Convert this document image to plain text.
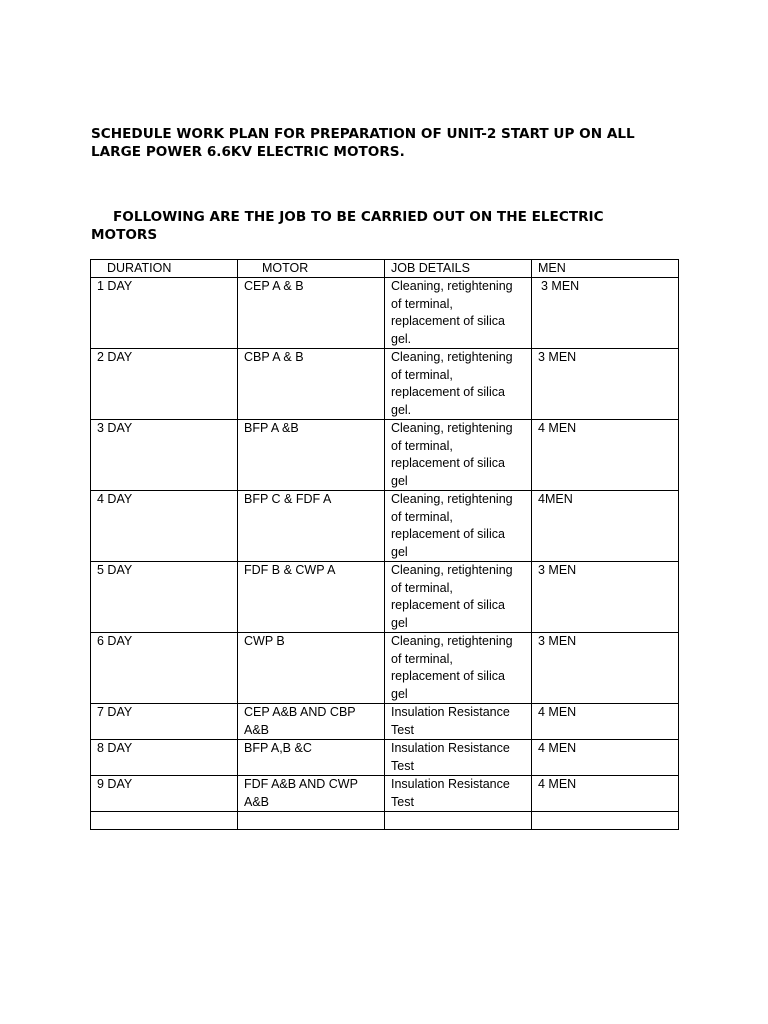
SCHEDULE WORK PLAN FOR PREPARATION OF UNIT-2 START UP ON ALL
LARGE POWER 6.6KV ELECTRIC MOTORS.
FOLLOWING ARE THE JOB TO BE CARRIED OUT ON THE ELECTRIC MOTORS
DURATION	MOTOR	JOB DETAILS	MEN
1 DAY	CEP A & B	Cleaning, retightening of terminal, replacement of silica gel.	3 MEN
2 DAY	CBP A & B	Cleaning, retightening of terminal, replacement of silica gel.	3 MEN
3 DAY	BFP A &B	Cleaning, retightening of terminal, replacement of silica gel	4 MEN
4 DAY	BFP C & FDF A	Cleaning, retightening of terminal, replacement of silica gel	4MEN
5 DAY	FDF B & CWP A	Cleaning, retightening of terminal, replacement of silica gel	3 MEN
6 DAY	CWP B	Cleaning, retightening of terminal, replacement of silica gel	3 MEN
7 DAY	CEP A&B AND CBP A&B	Insulation Resistance Test	4 MEN
8 DAY	BFP A,B &C	Insulation Resistance Test	4 MEN
9 DAY	FDF A&B AND CWP A&B	Insulation Resistance Test	4 MEN
